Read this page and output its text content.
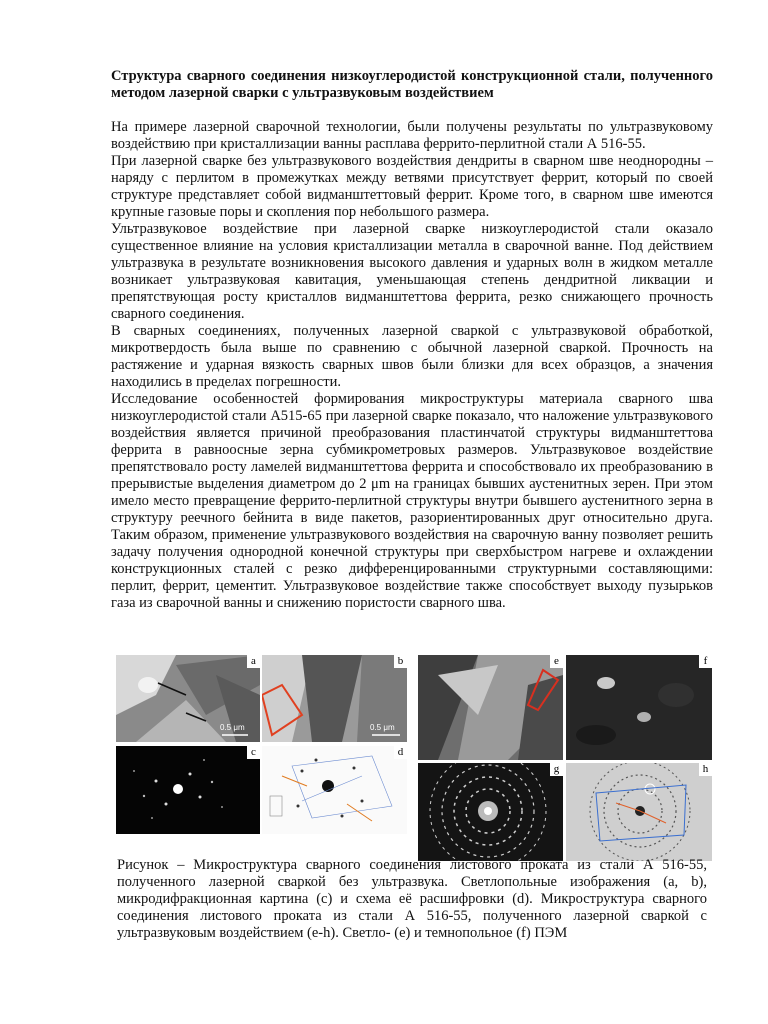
Структура сварного соединения низкоуглеродистой конструкционной стали, полученного методом лазерной сварки с ультразвуковым воздействием

На примере лазерной сварочной технологии, были получены результаты по ультразвуковому воздействию при кристаллизации ванны расплава феррито-перлитной стали А 516-55.

При лазерной сварке без ультразвукового воздействия дендриты в сварном шве неоднородны – наряду с перлитом в промежутках между ветвями присутствует феррит, который по своей структуре представляет собой видманштеттовый феррит. Кроме того, в сварном шве имеются крупные газовые поры и скопления пор небольшого размера.

Ультразвуковое воздействие при лазерной сварке низкоуглеродистой стали оказало существенное влияние на условия кристаллизации металла в сварочной ванне. Под действием ультразвука в результате возникновения высокого давления и ударных волн в жидком металле возникает ультразвуковая кавитация, уменьшающая степень дендритной ликвации и препятствующая росту кристаллов видманштеттова феррита, резко снижающего прочность сварного соединения.

В сварных соединениях, полученных лазерной сваркой с ультразвуковой обработкой, микротвердость была выше по сравнению с обычной лазерной сваркой. Прочность на растяжение и ударная вязкость сварных швов были близки для всех образцов, а значения находились в пределах погрешности.

Исследование особенностей формирования микроструктуры материала сварного шва низкоуглеродистой стали А515-65 при лазерной сварке показало, что наложение ультразвукового воздействия является причиной преобразования пластинчатой структуры видманштеттова феррита в равноосные зерна субмикрометровых размеров. Ультразвуковое воздействие препятствовало росту ламелей видманштеттова феррита и способствовало их преобразованию в прерывистые выделения диаметром до 2 μm на границах бывших аустенитных зерен. При этом имело место превращение феррито-перлитной структуры внутри бывшего аустенитного зерна в структуру реечного бейнита в виде пакетов, разориентированных друг относительно друга. Таким образом, применение ультразвукового воздействия на сварочную ванну позволяет решить задачу получения однородной конечной структуры при сверхбыстром нагреве и охлаждении конструкционных сталей с резко дифференцированными структурными составляющими: перлит, феррит, цементит. Ультразвуковое воздействие также способствует выходу пузырьков газа из сварочной ванны и снижению пористости сварного шва.

a
0.5 μm
b
0.5 μm
c	d
e	f
g	h

Рисунок – Микроструктура сварного соединения листового проката из стали А 516-55, полученного лазерной сваркой без ультразвука. Светлопольные изображения (a, b), микродифракционная картина (c) и схема её расшифровки (d). Микроструктура сварного соединения листового проката из стали А 516-55, полученного лазерной сваркой с ультразвуковым воздействием (e-h). Светло- (e) и темнопольное (f) ПЭМ
